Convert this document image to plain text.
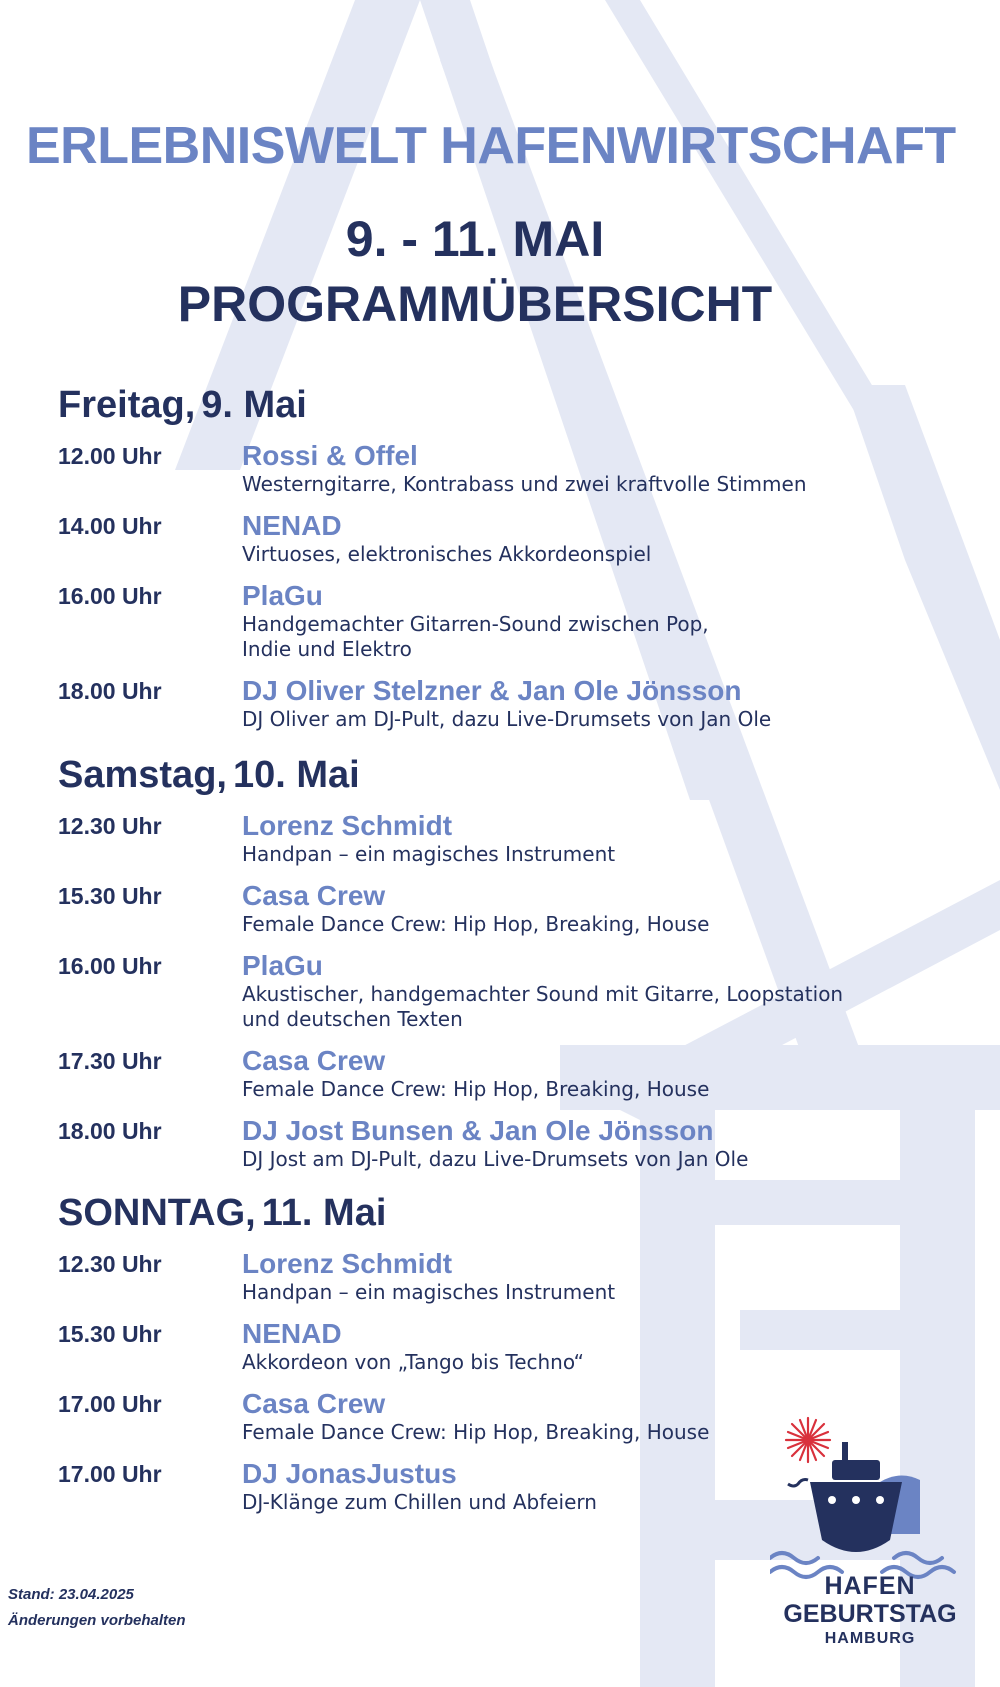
ERLEBNISWELT HAFENWIRTSCHAFT
9. - 11. MAI
PROGRAMMÜBERSICHT
Freitag, 9. Mai
12.00 Uhr	Rossi & Offel
Westerngitarre, Kontrabass und zwei kraftvolle Stimmen
14.00 Uhr	NENAD
Virtuoses, elektronisches Akkordeonspiel
16.00 Uhr	PlaGu
Handgemachter Gitarren-Sound zwischen Pop, Indie und Elektro
18.00 Uhr	DJ Oliver Stelzner & Jan Ole Jönsson
DJ Oliver am DJ-Pult, dazu Live-Drumsets von Jan Ole
Samstag, 10. Mai
12.30 Uhr	Lorenz Schmidt
Handpan – ein magisches Instrument
15.30 Uhr	Casa Crew
Female Dance Crew: Hip Hop, Breaking, House
16.00 Uhr	PlaGu
Akustischer, handgemachter Sound mit Gitarre, Loopstation und deutschen Texten
17.30 Uhr	Casa Crew
Female Dance Crew: Hip Hop, Breaking, House
18.00 Uhr	DJ Jost Bunsen & Jan Ole Jönsson
DJ Jost am DJ-Pult, dazu Live-Drumsets von Jan Ole
SONNTAG, 11. Mai
12.30 Uhr	Lorenz Schmidt
Handpan – ein magisches Instrument
15.30 Uhr	NENAD
Akkordeon von „Tango bis Techno“
17.00 Uhr	Casa Crew
Female Dance Crew: Hip Hop, Breaking, House
17.00 Uhr	DJ JonasJustus
DJ-Klänge zum Chillen und Abfeiern
Stand: 23.04.2025
Änderungen vorbehalten
HAFEN
GEBURTSTAG
HAMBURG
